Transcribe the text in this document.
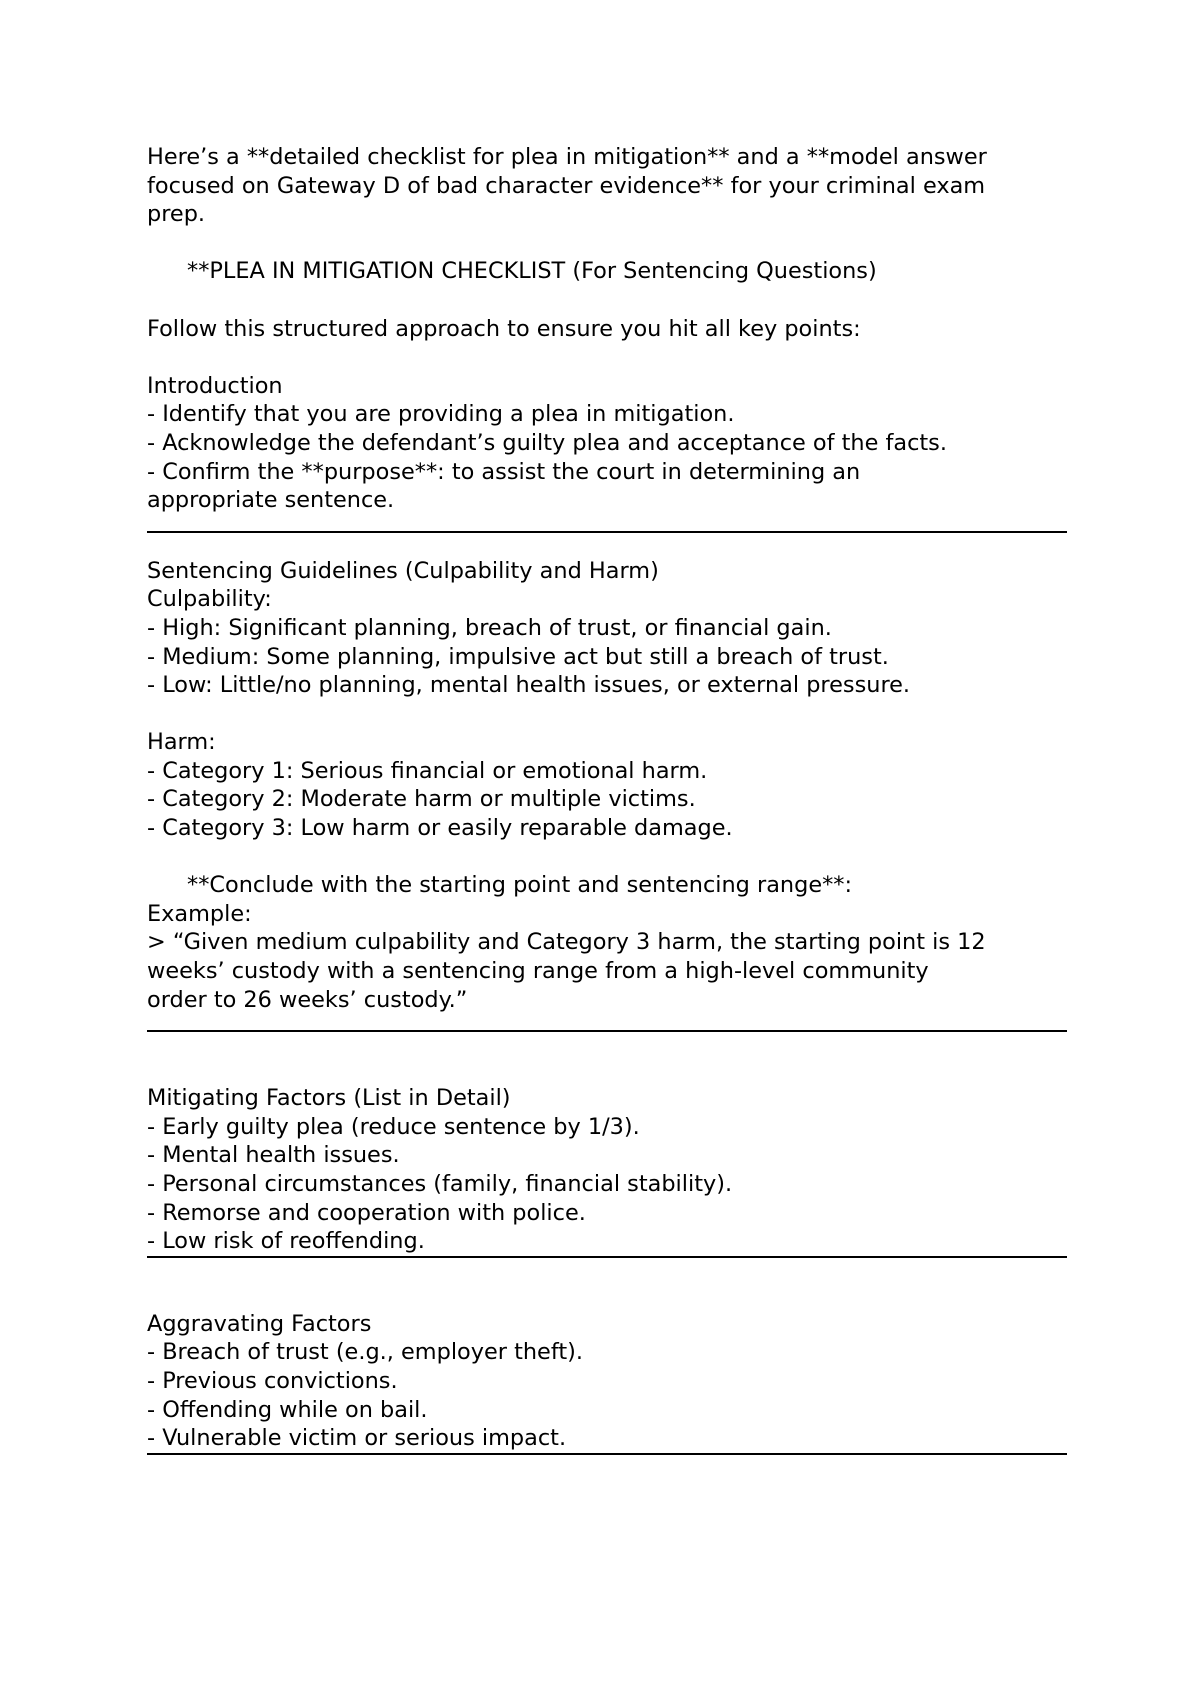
Here’s a **detailed checklist for plea in mitigation** and a **model answer
focused on Gateway D of bad character evidence** for your criminal exam
prep.
**PLEA IN MITIGATION CHECKLIST (For Sentencing Questions)
Follow this structured approach to ensure you hit all key points:
Introduction
- Identify that you are providing a plea in mitigation.
- Acknowledge the defendant’s guilty plea and acceptance of the facts.
- Confirm the **purpose**: to assist the court in determining an
appropriate sentence.
Sentencing Guidelines (Culpability and Harm)
Culpability:
- High: Significant planning, breach of trust, or financial gain.
- Medium: Some planning, impulsive act but still a breach of trust.
- Low: Little/no planning, mental health issues, or external pressure.
Harm:
- Category 1: Serious financial or emotional harm.
- Category 2: Moderate harm or multiple victims.
- Category 3: Low harm or easily reparable damage.
**Conclude with the starting point and sentencing range**:
Example:
> “Given medium culpability and Category 3 harm, the starting point is 12
weeks’ custody with a sentencing range from a high-level community
order to 26 weeks’ custody.”
Mitigating Factors (List in Detail)
- Early guilty plea (reduce sentence by 1/3).
- Mental health issues.
- Personal circumstances (family, financial stability).
- Remorse and cooperation with police.
- Low risk of reoffending.
Aggravating Factors
- Breach of trust (e.g., employer theft).
- Previous convictions.
- Offending while on bail.
- Vulnerable victim or serious impact.
